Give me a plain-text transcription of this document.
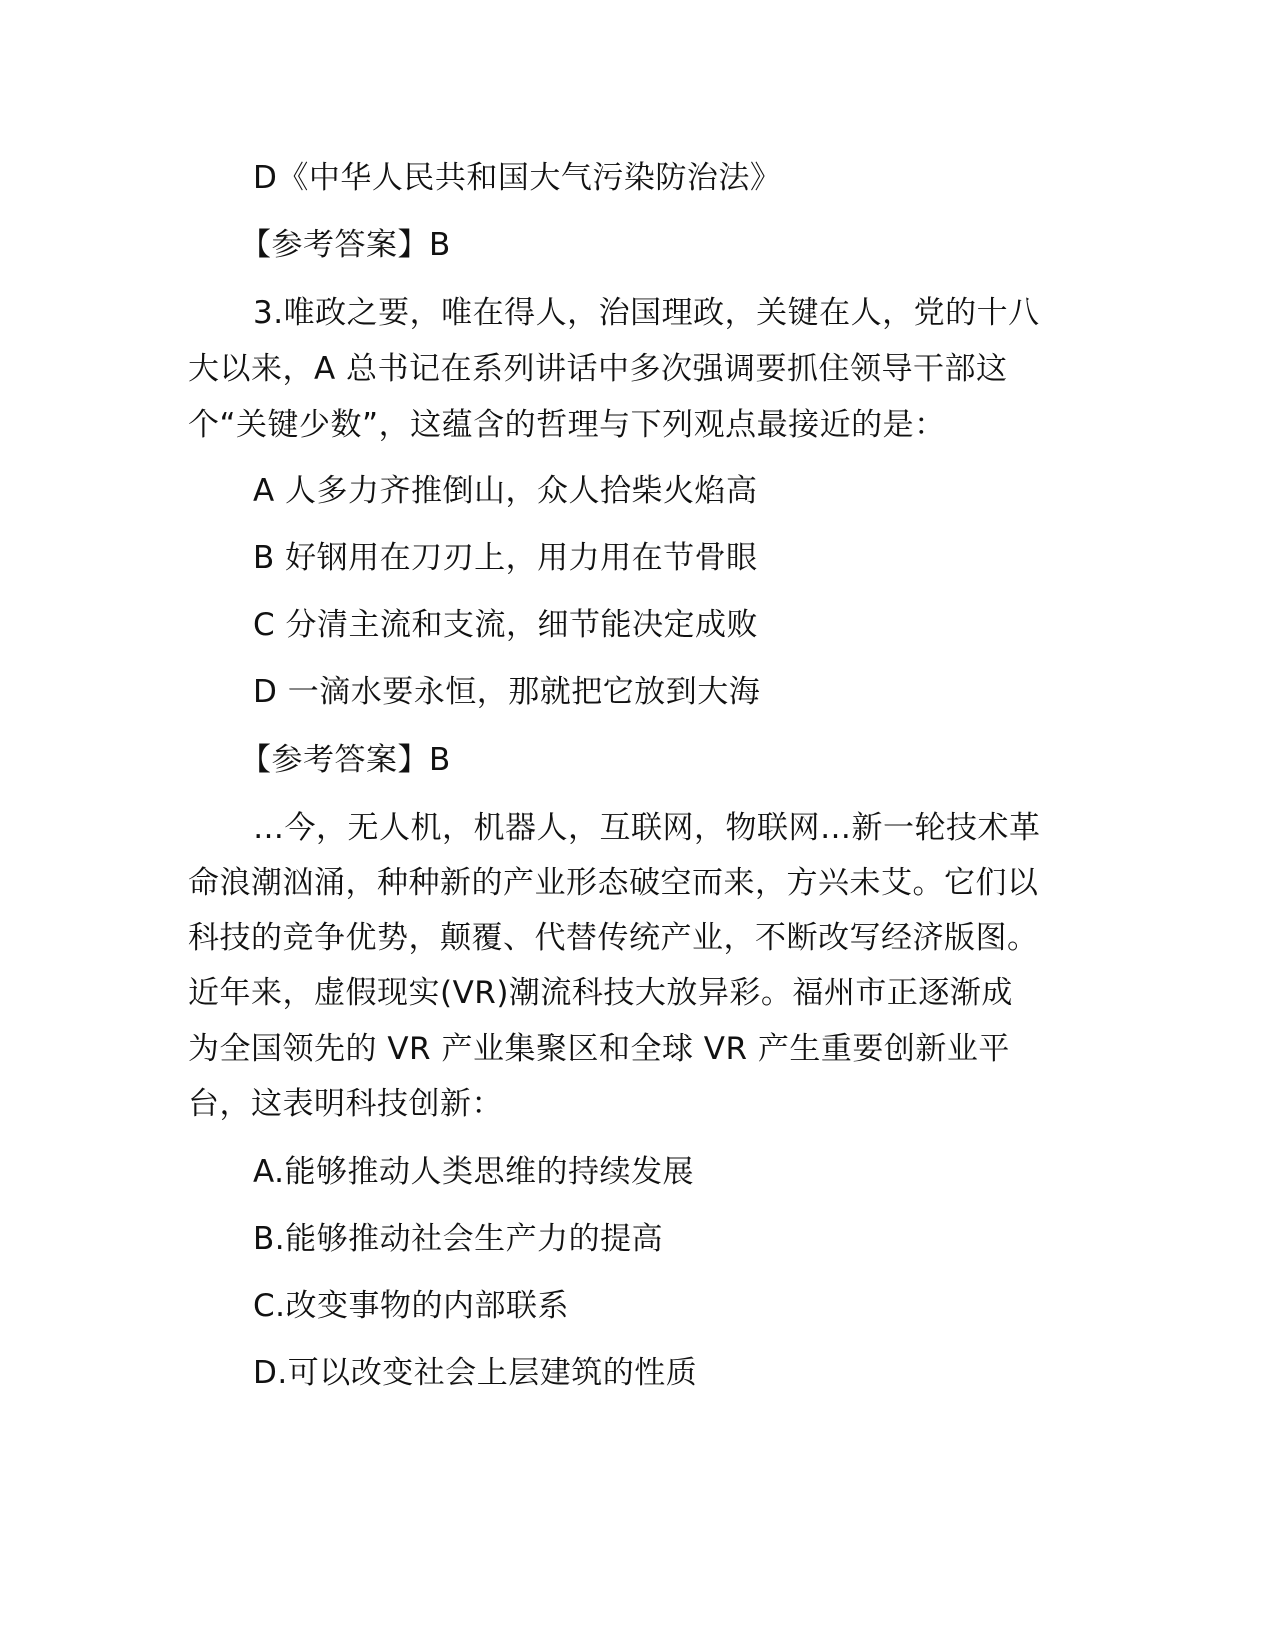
D《中华人民共和国大气污染防治法》
【参考答案】B
3.唯政之要，唯在得人，治国理政，关键在人，党的十八
大以来，A 总书记在系列讲话中多次强调要抓住领导干部这
个“关键少数”，这蕴含的哲理与下列观点最接近的是：
A 人多力齐推倒山，众人拾柴火焰高
B 好钢用在刀刃上，用力用在节骨眼
C 分清主流和支流，细节能决定成败
D 一滴水要永恒，那就把它放到大海
【参考答案】B
…今，无人机，机器人，互联网，物联网…新一轮技术革
命浪潮汹涌，种种新的产业形态破空而来，方兴未艾。它们以
科技的竞争优势，颠覆、代替传统产业，不断改写经济版图。
近年来，虚假现实(VR)潮流科技大放异彩。福州市正逐渐成
为全国领先的 VR 产业集聚区和全球 VR 产生重要创新业平
台，这表明科技创新：
A.能够推动人类思维的持续发展
B.能够推动社会生产力的提高
C.改变事物的内部联系
D.可以改变社会上层建筑的性质
